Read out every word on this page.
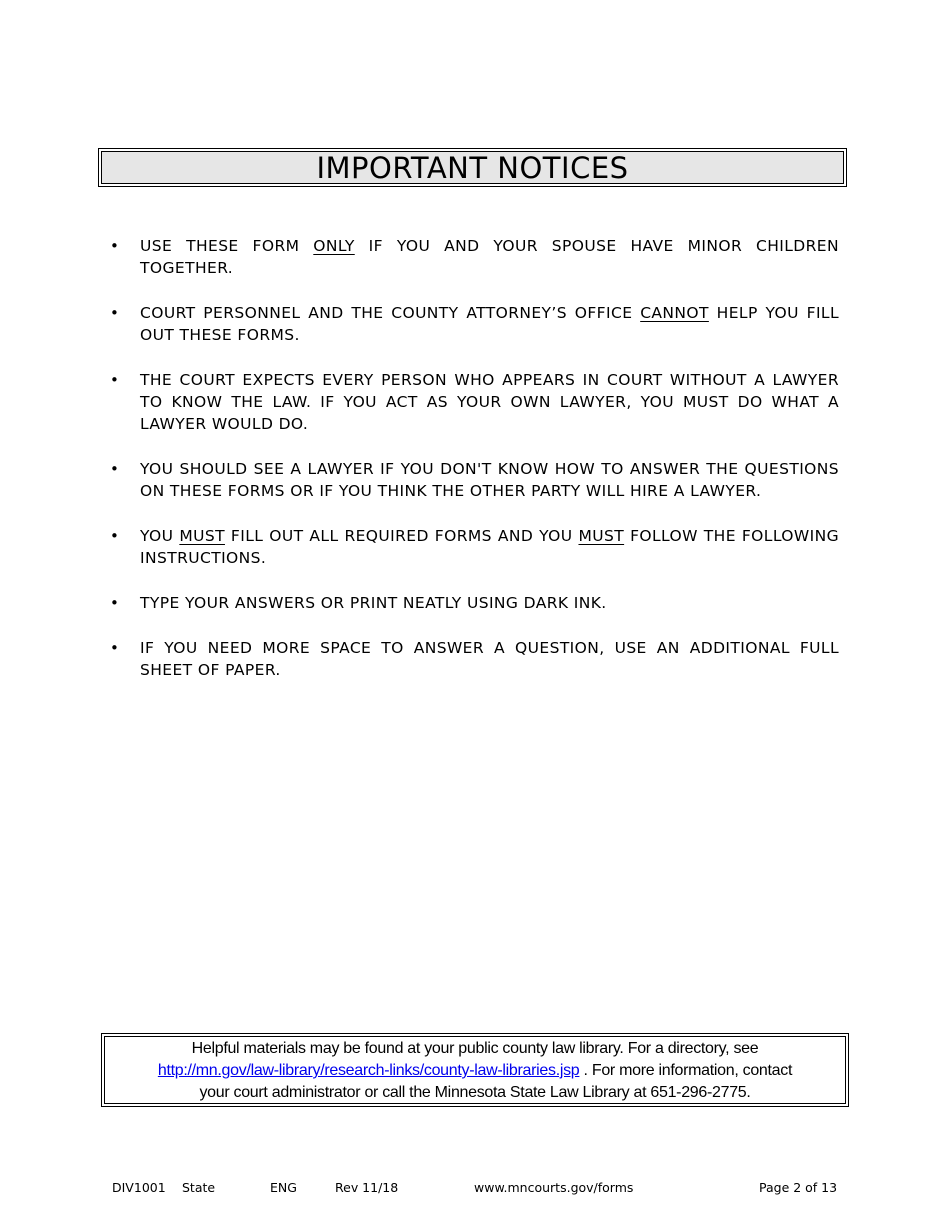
IMPORTANT NOTICES
• USE THESE FORM ONLY IF YOU AND YOUR SPOUSE HAVE MINOR CHILDREN TOGETHER.
• COURT PERSONNEL AND THE COUNTY ATTORNEY’S OFFICE CANNOT HELP YOU FILL OUT THESE FORMS.
• THE COURT EXPECTS EVERY PERSON WHO APPEARS IN COURT WITHOUT A LAWYER TO KNOW THE LAW. IF YOU ACT AS YOUR OWN LAWYER, YOU MUST DO WHAT A LAWYER WOULD DO.
• YOU SHOULD SEE A LAWYER IF YOU DON'T KNOW HOW TO ANSWER THE QUESTIONS ON THESE FORMS OR IF YOU THINK THE OTHER PARTY WILL HIRE A LAWYER.
• YOU MUST FILL OUT ALL REQUIRED FORMS AND YOU MUST FOLLOW THE FOLLOWING INSTRUCTIONS.
• TYPE YOUR ANSWERS OR PRINT NEATLY USING DARK INK.
• IF YOU NEED MORE SPACE TO ANSWER A QUESTION, USE AN ADDITIONAL FULL SHEET OF PAPER.
Helpful materials may be found at your public county law library. For a directory, see
http://mn.gov/law-library/research-links/county-law-libraries.jsp . For more information, contact
your court administrator or call the Minnesota State Law Library at 651-296-2775.
DIV1001 State	ENG	Rev 11/18	www.mncourts.gov/forms	Page 2 of 13
